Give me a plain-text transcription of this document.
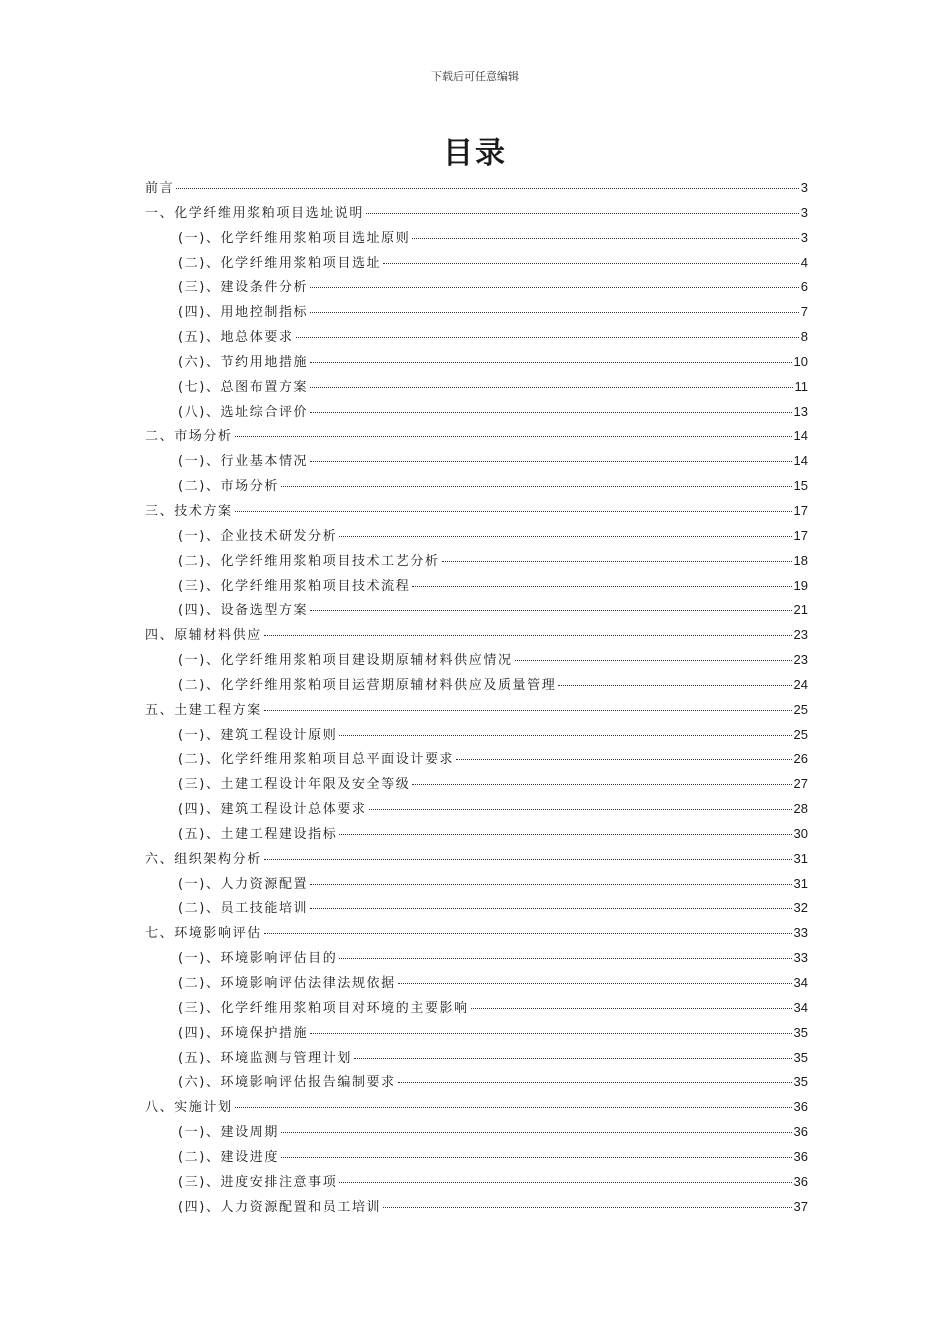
下载后可任意编辑
目录
前言	3
一、化学纤维用浆粕项目选址说明	3
(一)、化学纤维用浆粕项目选址原则	3
(二)、化学纤维用浆粕项目选址	4
(三)、建设条件分析	6
(四)、用地控制指标	7
(五)、地总体要求	8
(六)、节约用地措施	10
(七)、总图布置方案	11
(八)、选址综合评价	13
二、市场分析	14
(一)、行业基本情况	14
(二)、市场分析	15
三、技术方案	17
(一)、企业技术研发分析	17
(二)、化学纤维用浆粕项目技术工艺分析	18
(三)、化学纤维用浆粕项目技术流程	19
(四)、设备选型方案	21
四、原辅材料供应	23
(一)、化学纤维用浆粕项目建设期原辅材料供应情况	23
(二)、化学纤维用浆粕项目运营期原辅材料供应及质量管理	24
五、土建工程方案	25
(一)、建筑工程设计原则	25
(二)、化学纤维用浆粕项目总平面设计要求	26
(三)、土建工程设计年限及安全等级	27
(四)、建筑工程设计总体要求	28
(五)、土建工程建设指标	30
六、组织架构分析	31
(一)、人力资源配置	31
(二)、员工技能培训	32
七、环境影响评估	33
(一)、环境影响评估目的	33
(二)、环境影响评估法律法规依据	34
(三)、化学纤维用浆粕项目对环境的主要影响	34
(四)、环境保护措施	35
(五)、环境监测与管理计划	35
(六)、环境影响评估报告编制要求	35
八、实施计划	36
(一)、建设周期	36
(二)、建设进度	36
(三)、进度安排注意事项	36
(四)、人力资源配置和员工培训	37
